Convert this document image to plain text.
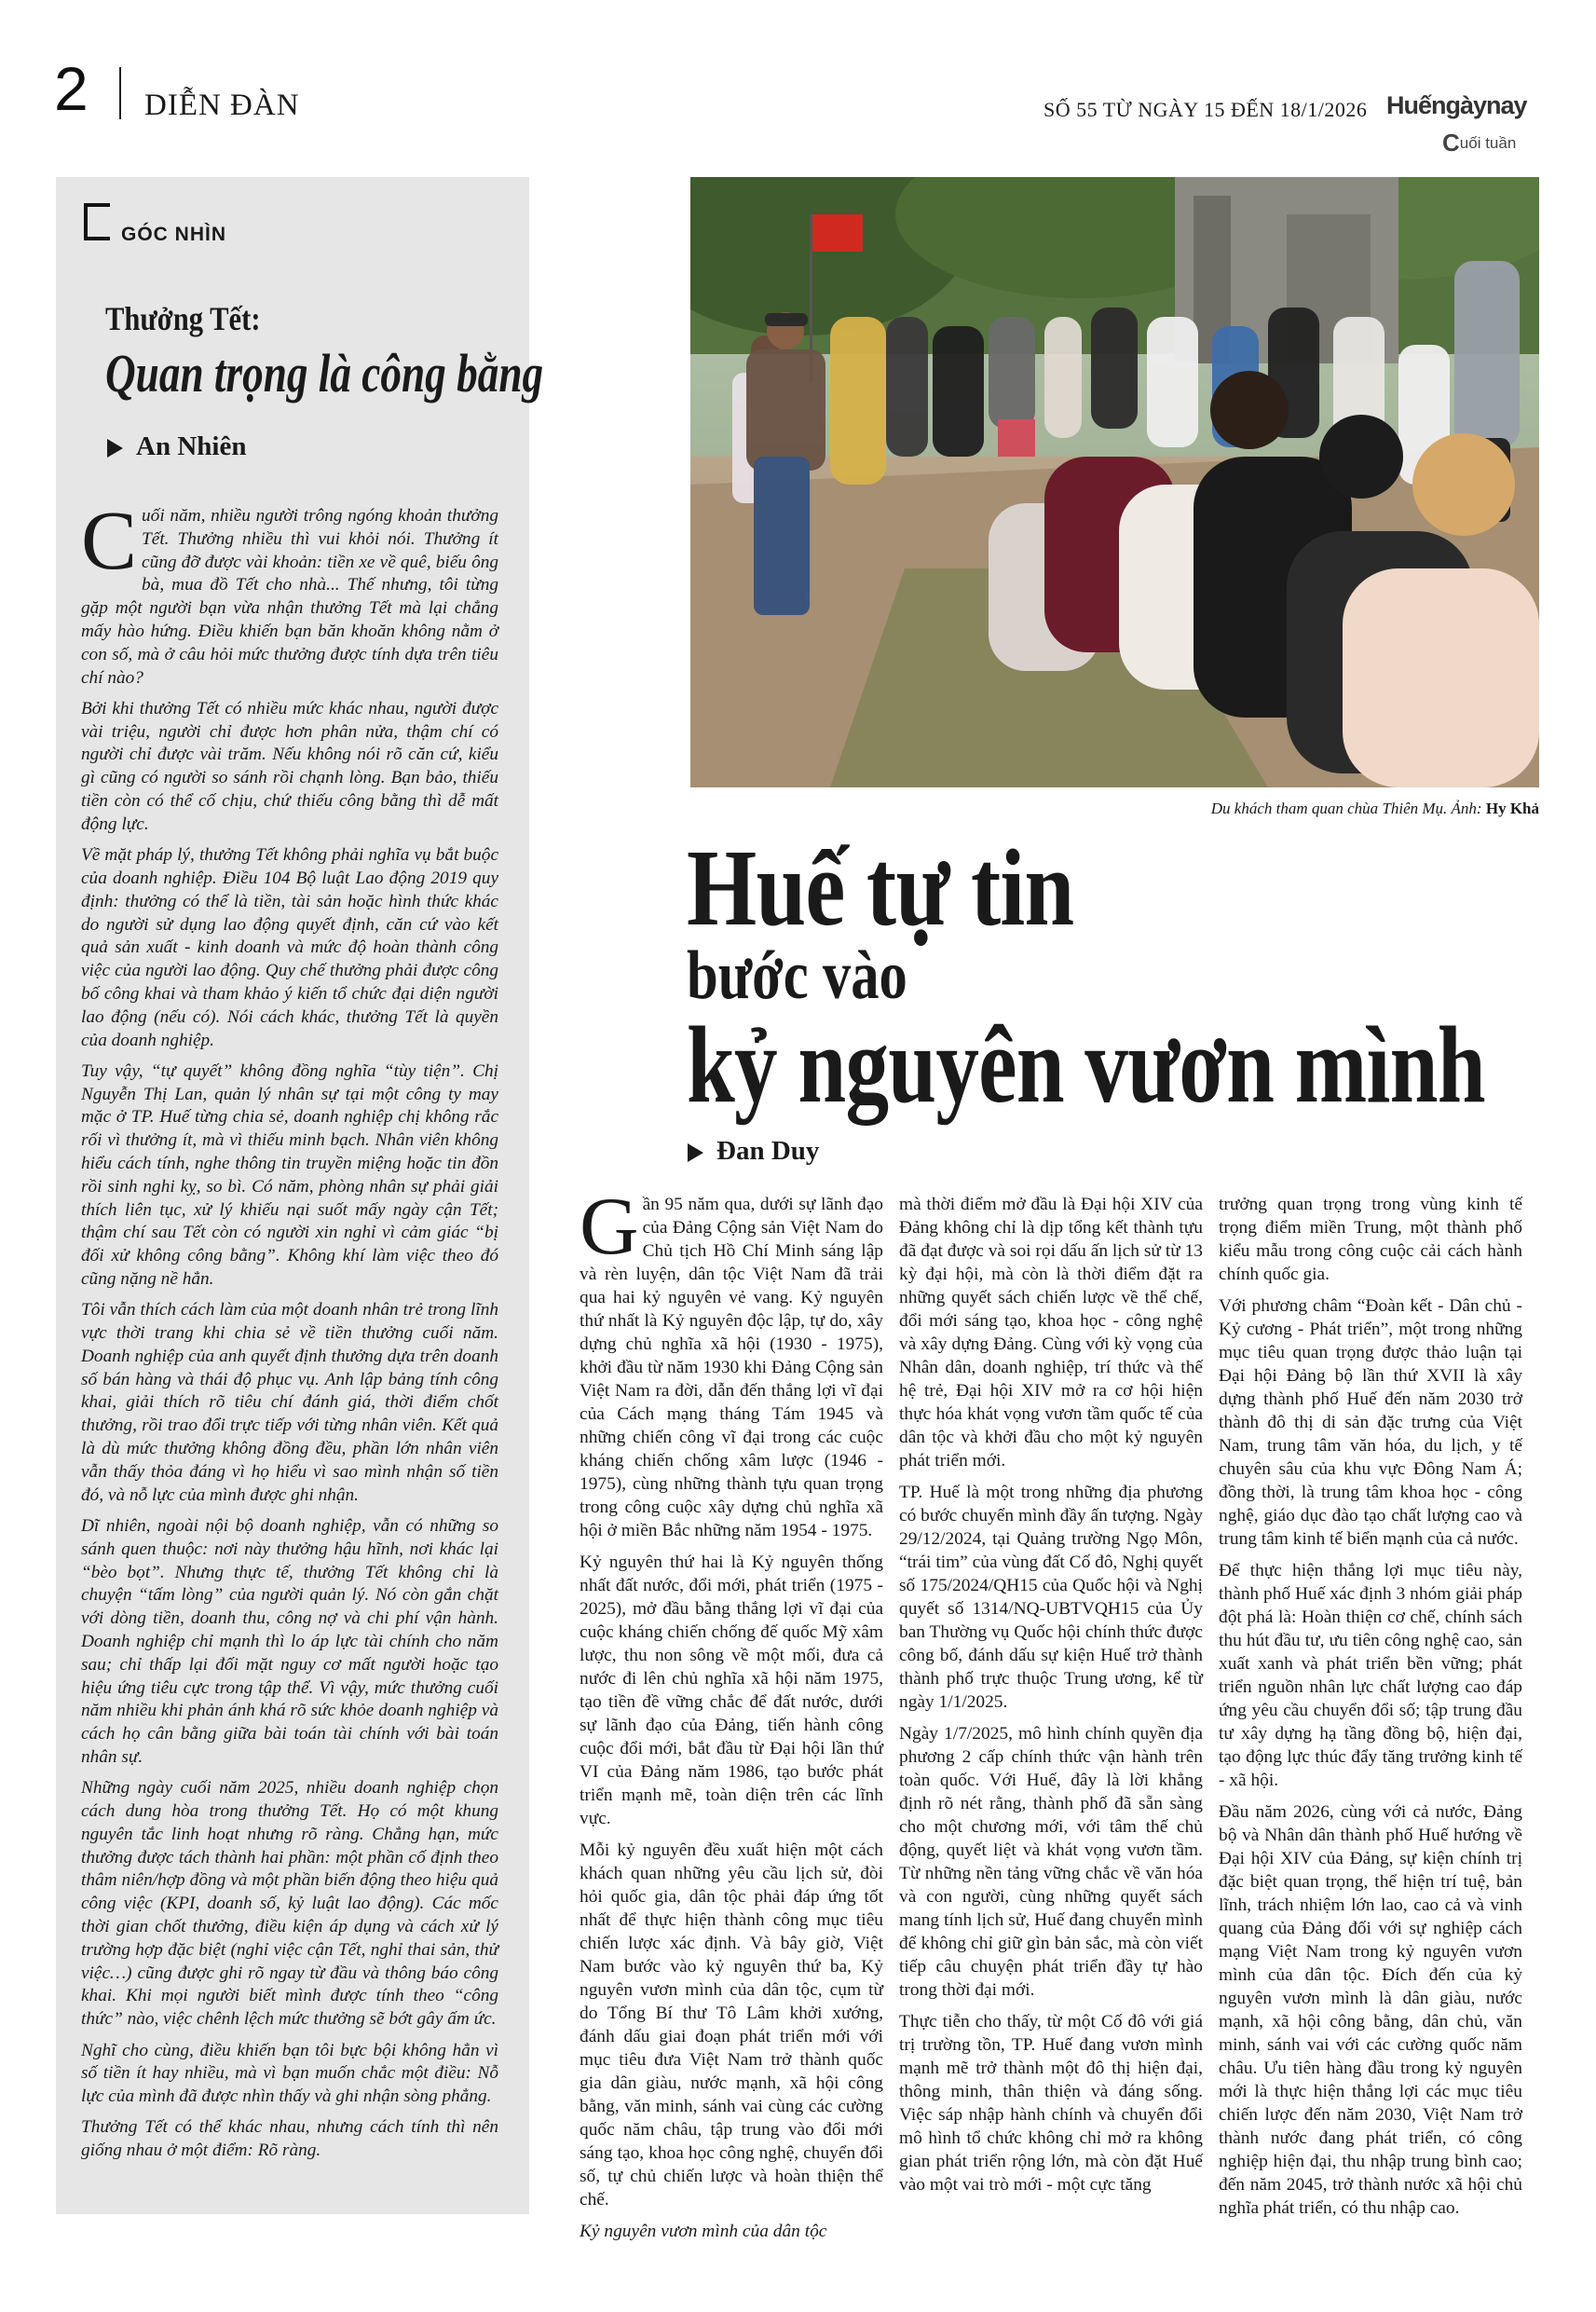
2 DIỄN ĐÀN	SỐ 55 TỪ NGÀY 15 ĐẾN 18/1/2026 Huếngàynay
Cuối tuần
GÓC NHÌN
Thưởng Tết:
Quan trọng là công bằng
An Nhiên

Cuối năm, nhiều người trông ngóng khoản thưởng Tết. Thưởng nhiều thì vui khỏi nói. Thưởng ít cũng đỡ được vài khoản: tiền xe về quê, biếu ông bà, mua đồ Tết cho nhà... Thế nhưng, tôi từng gặp một người bạn vừa nhận thưởng Tết mà lại chẳng mấy hào hứng. Điều khiến bạn băn khoăn không nằm ở con số, mà ở câu hỏi mức thưởng được tính dựa trên tiêu chí nào?

Bởi khi thưởng Tết có nhiều mức khác nhau, người được vài triệu, người chỉ được hơn phân nửa, thậm chí có người chỉ được vài trăm. Nếu không nói rõ căn cứ, kiểu gì cũng có người so sánh rồi chạnh lòng. Bạn bảo, thiếu tiền còn có thể cố chịu, chứ thiếu công bằng thì dễ mất động lực.

Về mặt pháp lý, thưởng Tết không phải nghĩa vụ bắt buộc của doanh nghiệp. Điều 104 Bộ luật Lao động 2019 quy định: thưởng có thể là tiền, tài sản hoặc hình thức khác do người sử dụng lao động quyết định, căn cứ vào kết quả sản xuất - kinh doanh và mức độ hoàn thành công việc của người lao động. Quy chế thưởng phải được công bố công khai và tham khảo ý kiến tổ chức đại diện người lao động (nếu có). Nói cách khác, thưởng Tết là quyền của doanh nghiệp.

Tuy vậy, “tự quyết” không đồng nghĩa “tùy tiện”. Chị Nguyễn Thị Lan, quản lý nhân sự tại một công ty may mặc ở TP. Huế từng chia sẻ, doanh nghiệp chị không rắc rối vì thưởng ít, mà vì thiếu minh bạch. Nhân viên không hiểu cách tính, nghe thông tin truyền miệng hoặc tin đồn rồi sinh nghi kỵ, so bì. Có năm, phòng nhân sự phải giải thích liên tục, xử lý khiếu nại suốt mấy ngày cận Tết; thậm chí sau Tết còn có người xin nghỉ vì cảm giác “bị đối xử không công bằng”. Không khí làm việc theo đó cũng nặng nề hẳn.

Tôi vẫn thích cách làm của một doanh nhân trẻ trong lĩnh vực thời trang khi chia sẻ về tiền thưởng cuối năm. Doanh nghiệp của anh quyết định thưởng dựa trên doanh số bán hàng và thái độ phục vụ. Anh lập bảng tính công khai, giải thích rõ tiêu chí đánh giá, thời điểm chốt thưởng, rồi trao đổi trực tiếp với từng nhân viên. Kết quả là dù mức thưởng không đồng đều, phần lớn nhân viên vẫn thấy thỏa đáng vì họ hiểu vì sao mình nhận số tiền đó, và nỗ lực của mình được ghi nhận.

Dĩ nhiên, ngoài nội bộ doanh nghiệp, vẫn có những so sánh quen thuộc: nơi này thưởng hậu hĩnh, nơi khác lại “bèo bọt”. Nhưng thực tế, thưởng Tết không chỉ là chuyện “tấm lòng” của người quản lý. Nó còn gắn chặt với dòng tiền, doanh thu, công nợ và chi phí vận hành. Doanh nghiệp chỉ mạnh thì lo áp lực tài chính cho năm sau; chỉ thấp lại đối mặt nguy cơ mất người hoặc tạo hiệu ứng tiêu cực trong tập thể. Vì vậy, mức thưởng cuối năm nhiều khi phản ánh khá rõ sức khỏe doanh nghiệp và cách họ cân bằng giữa bài toán tài chính với bài toán nhân sự.

Những ngày cuối năm 2025, nhiều doanh nghiệp chọn cách dung hòa trong thưởng Tết. Họ có một khung nguyên tắc linh hoạt nhưng rõ ràng. Chẳng hạn, mức thưởng được tách thành hai phần: một phần cố định theo thâm niên/hợp đồng và một phần biến động theo hiệu quả công việc (KPI, doanh số, kỷ luật lao động). Các mốc thời gian chốt thưởng, điều kiện áp dụng và cách xử lý trường hợp đặc biệt (nghỉ việc cận Tết, nghỉ thai sản, thử việc…) cũng được ghi rõ ngay từ đầu và thông báo công khai. Khi mọi người biết mình được tính theo “công thức” nào, việc chênh lệch mức thưởng sẽ bớt gây ấm ức.

Nghĩ cho cùng, điều khiến bạn tôi bực bội không hẳn vì số tiền ít hay nhiều, mà vì bạn muốn chắc một điều: Nỗ lực của mình đã được nhìn thấy và ghi nhận sòng phẳng.

Thưởng Tết có thể khác nhau, nhưng cách tính thì nên giống nhau ở một điểm: Rõ ràng.

Du khách tham quan chùa Thiên Mụ. Ảnh: Hy Khả
Huế tự tin
bước vào
kỷ nguyên vươn mình
Đan Duy

Gần 95 năm qua, dưới sự lãnh đạo của Đảng Cộng sản Việt Nam do Chủ tịch Hồ Chí Minh sáng lập và rèn luyện, dân tộc Việt Nam đã trải qua hai kỷ nguyên vẻ vang. Kỷ nguyên thứ nhất là Kỷ nguyên độc lập, tự do, xây dựng chủ nghĩa xã hội (1930 - 1975), khởi đầu từ năm 1930 khi Đảng Cộng sản Việt Nam ra đời, dẫn đến thắng lợi vĩ đại của Cách mạng tháng Tám 1945 và những chiến công vĩ đại trong các cuộc kháng chiến chống xâm lược (1946 - 1975), cùng những thành tựu quan trọng trong công cuộc xây dựng chủ nghĩa xã hội ở miền Bắc những năm 1954 - 1975.

Kỷ nguyên thứ hai là Kỷ nguyên thống nhất đất nước, đổi mới, phát triển (1975 - 2025), mở đầu bằng thắng lợi vĩ đại của cuộc kháng chiến chống đế quốc Mỹ xâm lược, thu non sông về một mối, đưa cả nước đi lên chủ nghĩa xã hội năm 1975, tạo tiền đề vững chắc để đất nước, dưới sự lãnh đạo của Đảng, tiến hành công cuộc đổi mới, bắt đầu từ Đại hội lần thứ VI của Đảng năm 1986, tạo bước phát triển mạnh mẽ, toàn diện trên các lĩnh vực.

Mỗi kỷ nguyên đều xuất hiện một cách khách quan những yêu cầu lịch sử, đòi hỏi quốc gia, dân tộc phải đáp ứng tốt nhất để thực hiện thành công mục tiêu chiến lược xác định. Và bây giờ, Việt Nam bước vào kỷ nguyên thứ ba, Kỷ nguyên vươn mình của dân tộc, cụm từ do Tổng Bí thư Tô Lâm khởi xướng, đánh dấu giai đoạn phát triển mới với mục tiêu đưa Việt Nam trở thành quốc gia dân giàu, nước mạnh, xã hội công bằng, văn minh, sánh vai cùng các cường quốc năm châu, tập trung vào đổi mới sáng tạo, khoa học công nghệ, chuyển đổi số, tự chủ chiến lược và hoàn thiện thể chế.

Kỷ nguyên vươn mình của dân tộc

mà thời điểm mở đầu là Đại hội XIV của Đảng không chỉ là dịp tổng kết thành tựu đã đạt được và soi rọi dấu ấn lịch sử từ 13 kỳ đại hội, mà còn là thời điểm đặt ra những quyết sách chiến lược về thể chế, đổi mới sáng tạo, khoa học - công nghệ và xây dựng Đảng. Cùng với kỳ vọng của Nhân dân, doanh nghiệp, trí thức và thế hệ trẻ, Đại hội XIV mở ra cơ hội hiện thực hóa khát vọng vươn tầm quốc tế của dân tộc và khởi đầu cho một kỷ nguyên phát triển mới.

TP. Huế là một trong những địa phương có bước chuyển mình đầy ấn tượng. Ngày 29/12/2024, tại Quảng trường Ngọ Môn, “trái tim” của vùng đất Cố đô, Nghị quyết số 175/2024/QH15 của Quốc hội và Nghị quyết số 1314/NQ-UBTVQH15 của Ủy ban Thường vụ Quốc hội chính thức được công bố, đánh dấu sự kiện Huế trở thành thành phố trực thuộc Trung ương, kể từ ngày 1/1/2025.

Ngày 1/7/2025, mô hình chính quyền địa phương 2 cấp chính thức vận hành trên toàn quốc. Với Huế, đây là lời khẳng định rõ nét rằng, thành phố đã sẵn sàng cho một chương mới, với tâm thế chủ động, quyết liệt và khát vọng vươn tầm. Từ những nền tảng vững chắc về văn hóa và con người, cùng những quyết sách mang tính lịch sử, Huế đang chuyển mình để không chỉ giữ gìn bản sắc, mà còn viết tiếp câu chuyện phát triển đầy tự hào trong thời đại mới.

Thực tiễn cho thấy, từ một Cố đô với giá trị trường tồn, TP. Huế đang vươn mình mạnh mẽ trở thành một đô thị hiện đại, thông minh, thân thiện và đáng sống. Việc sáp nhập hành chính và chuyển đổi mô hình tổ chức không chỉ mở ra không gian phát triển rộng lớn, mà còn đặt Huế vào một vai trò mới - một cực tăng

trưởng quan trọng trong vùng kinh tế trọng điểm miền Trung, một thành phố kiểu mẫu trong công cuộc cải cách hành chính quốc gia.

Với phương châm “Đoàn kết - Dân chủ - Kỷ cương - Phát triển”, một trong những mục tiêu quan trọng được thảo luận tại Đại hội Đảng bộ lần thứ XVII là xây dựng thành phố Huế đến năm 2030 trở thành đô thị di sản đặc trưng của Việt Nam, trung tâm văn hóa, du lịch, y tế chuyên sâu của khu vực Đông Nam Á; đồng thời, là trung tâm khoa học - công nghệ, giáo dục đào tạo chất lượng cao và trung tâm kinh tế biển mạnh của cả nước.

Để thực hiện thắng lợi mục tiêu này, thành phố Huế xác định 3 nhóm giải pháp đột phá là: Hoàn thiện cơ chế, chính sách thu hút đầu tư, ưu tiên công nghệ cao, sản xuất xanh và phát triển bền vững; phát triển nguồn nhân lực chất lượng cao đáp ứng yêu cầu chuyển đổi số; tập trung đầu tư xây dựng hạ tầng đồng bộ, hiện đại, tạo động lực thúc đẩy tăng trưởng kinh tế - xã hội.

Đầu năm 2026, cùng với cả nước, Đảng bộ và Nhân dân thành phố Huế hướng về Đại hội XIV của Đảng, sự kiện chính trị đặc biệt quan trọng, thể hiện trí tuệ, bản lĩnh, trách nhiệm lớn lao, cao cả và vinh quang của Đảng đối với sự nghiệp cách mạng Việt Nam trong kỷ nguyên vươn mình của dân tộc. Đích đến của kỷ nguyên vươn mình là dân giàu, nước mạnh, xã hội công bằng, dân chủ, văn minh, sánh vai với các cường quốc năm châu. Ưu tiên hàng đầu trong kỷ nguyên mới là thực hiện thắng lợi các mục tiêu chiến lược đến năm 2030, Việt Nam trở thành nước đang phát triển, có công nghiệp hiện đại, thu nhập trung bình cao; đến năm 2045, trở thành nước xã hội chủ nghĩa phát triển, có thu nhập cao.
